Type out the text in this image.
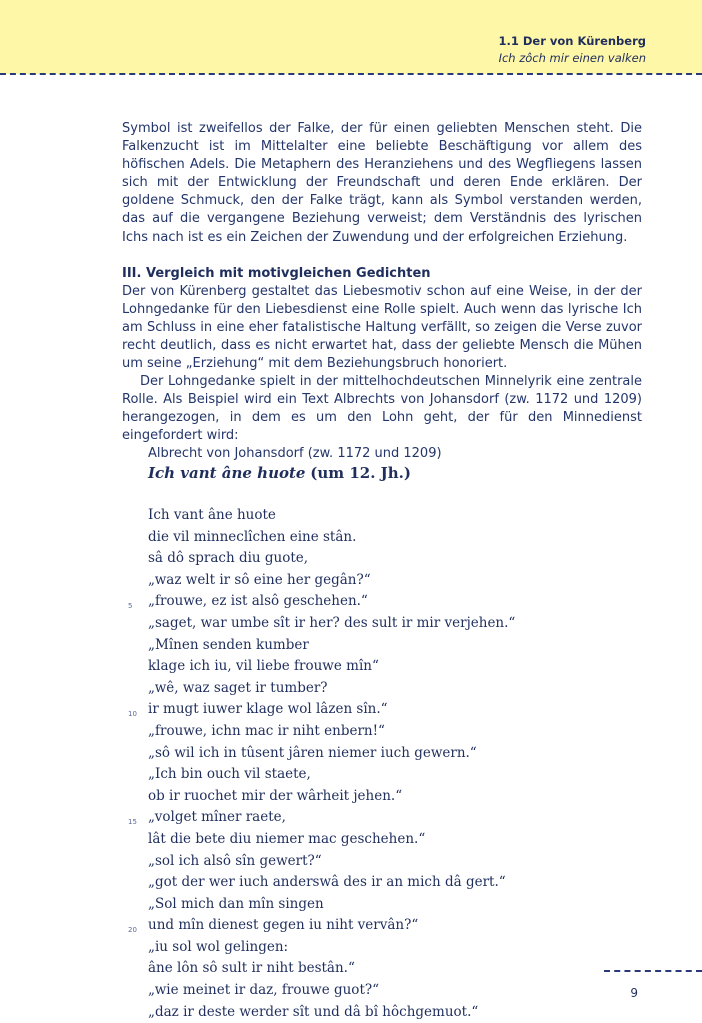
1.1 Der von Kürenberg
Ich zôch mir einen valken

Symbol ist zweifellos der Falke, der für einen geliebten Menschen steht. Die Falkenzucht ist im Mittelalter eine beliebte Beschäftigung vor allem des höfischen Adels. Die Metaphern des Heranziehens und des Wegfliegens lassen sich mit der Entwicklung der Freundschaft und deren Ende erklären. Der goldene Schmuck, den der Falke trägt, kann als Symbol verstanden werden, das auf die vergangene Beziehung verweist; dem Verständnis des lyrischen Ichs nach ist es ein Zeichen der Zuwendung und der erfolgreichen Erziehung.

III. Vergleich mit motivgleichen Gedichten

Der von Kürenberg gestaltet das Liebesmotiv schon auf eine Weise, in der der Lohngedanke für den Liebesdienst eine Rolle spielt. Auch wenn das lyrische Ich am Schluss in eine eher fatalistische Haltung verfällt, so zeigen die Verse zuvor recht deutlich, dass es nicht erwartet hat, dass der geliebte Mensch die Mühen um seine „Erziehung“ mit dem Beziehungsbruch honoriert.

Der Lohngedanke spielt in der mittelhochdeutschen Minnelyrik eine zentrale Rolle. Als Beispiel wird ein Text Albrechts von Johansdorf (zw. 1172 und 1209) herangezogen, in dem es um den Lohn geht, der für den Minnedienst eingefordert wird:

Albrecht von Johansdorf (zw. 1172 und 1209)
Ich vant âne huote (um 12. Jh.)
Ich vant âne huote
die vil minneclîchen eine stân.
sâ dô sprach diu guote,
„waz welt ir sô eine her gegân?“
5 „frouwe, ez ist alsô geschehen.“
„saget, war umbe sît ir her? des sult ir mir verjehen.“
„Mînen senden kumber
klage ich iu, vil liebe frouwe mîn“
„wê, waz saget ir tumber?
10 ir mugt iuwer klage wol lâzen sîn.“
„frouwe, ichn mac ir niht enbern!“
„sô wil ich in tûsent jâren niemer iuch gewern.“
„Ich bin ouch vil staete,
ob ir ruochet mir der wârheit jehen.“
15 „volget mîner raete,
lât die bete diu niemer mac geschehen.“
„sol ich alsô sîn gewert?“
„got der wer iuch anderswâ des ir an mich dâ gert.“
„Sol mich dan mîn singen
20 und mîn dienest gegen iu niht vervân?“
„iu sol wol gelingen:
âne lôn sô sult ir niht bestân.“
„wie meinet ir daz, frouwe guot?“
„daz ir deste werder sît und dâ bî hôchgemuot.“
9
